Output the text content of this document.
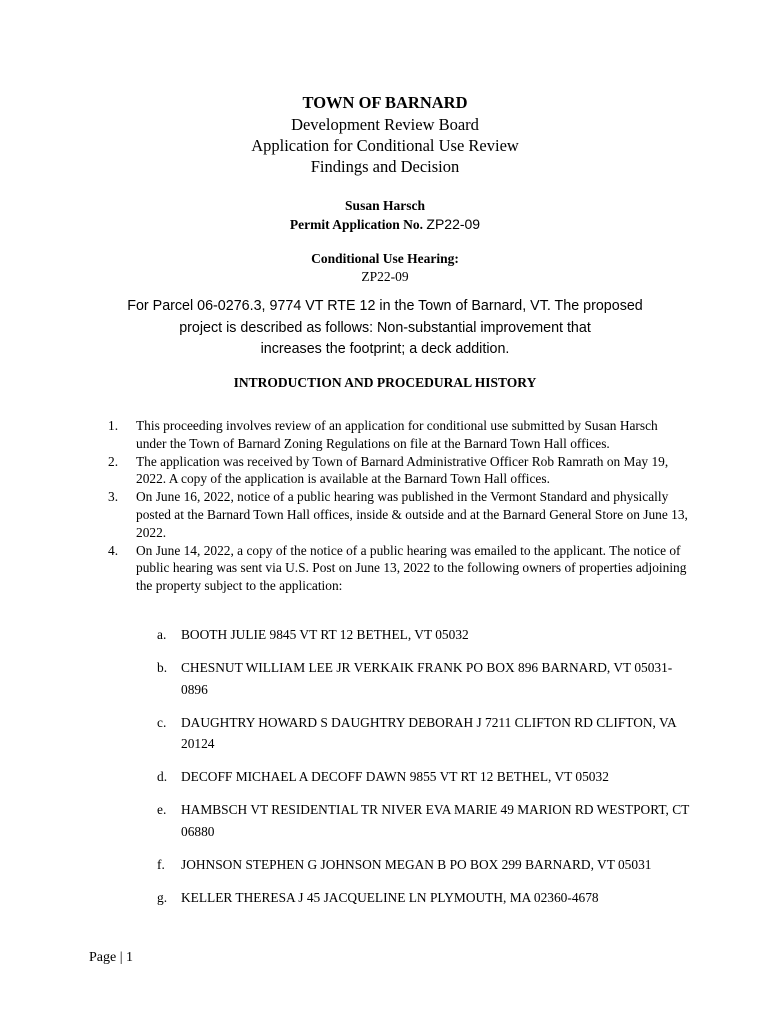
TOWN OF BARNARD
Development Review Board
Application for Conditional Use Review
Findings and Decision
Susan Harsch
Permit Application No. ZP22-09
Conditional Use Hearing:
ZP22-09
For Parcel 06-0276.3, 9774 VT RTE 12 in the Town of Barnard, VT. The proposed
project is described as follows: Non-substantial improvement that
increases the footprint; a deck addition.
INTRODUCTION AND PROCEDURAL HISTORY
1.	This proceeding involves review of an application for conditional use submitted by Susan Harsch under the Town of Barnard Zoning Regulations on file at the Barnard Town Hall offices.
2.	The application was received by Town of Barnard Administrative Officer Rob Ramrath on May 19, 2022. A copy of the application is available at the Barnard Town Hall offices.
3.	On June 16, 2022, notice of a public hearing was published in the Vermont Standard and physically posted at the Barnard Town Hall offices, inside & outside and at the Barnard General Store on June 13, 2022.
4.	On June 14, 2022, a copy of the notice of a public hearing was emailed to the applicant. The notice of public hearing was sent via U.S. Post on June 13, 2022 to the following owners of properties adjoining the property subject to the application:
a.	BOOTH JULIE 9845 VT RT 12 BETHEL, VT 05032
b.	CHESNUT WILLIAM LEE JR VERKAIK FRANK PO BOX 896 BARNARD, VT 05031-0896
c.	DAUGHTRY HOWARD S DAUGHTRY DEBORAH J 7211 CLIFTON RD CLIFTON, VA 20124
d.	DECOFF MICHAEL A DECOFF DAWN 9855 VT RT 12 BETHEL, VT 05032
e.	HAMBSCH VT RESIDENTIAL TR NIVER EVA MARIE 49 MARION RD WESTPORT, CT 06880
f.	JOHNSON STEPHEN G JOHNSON MEGAN B PO BOX 299 BARNARD, VT 05031
g.	KELLER THERESA J 45 JACQUELINE LN PLYMOUTH, MA 02360-4678
Page | 1
